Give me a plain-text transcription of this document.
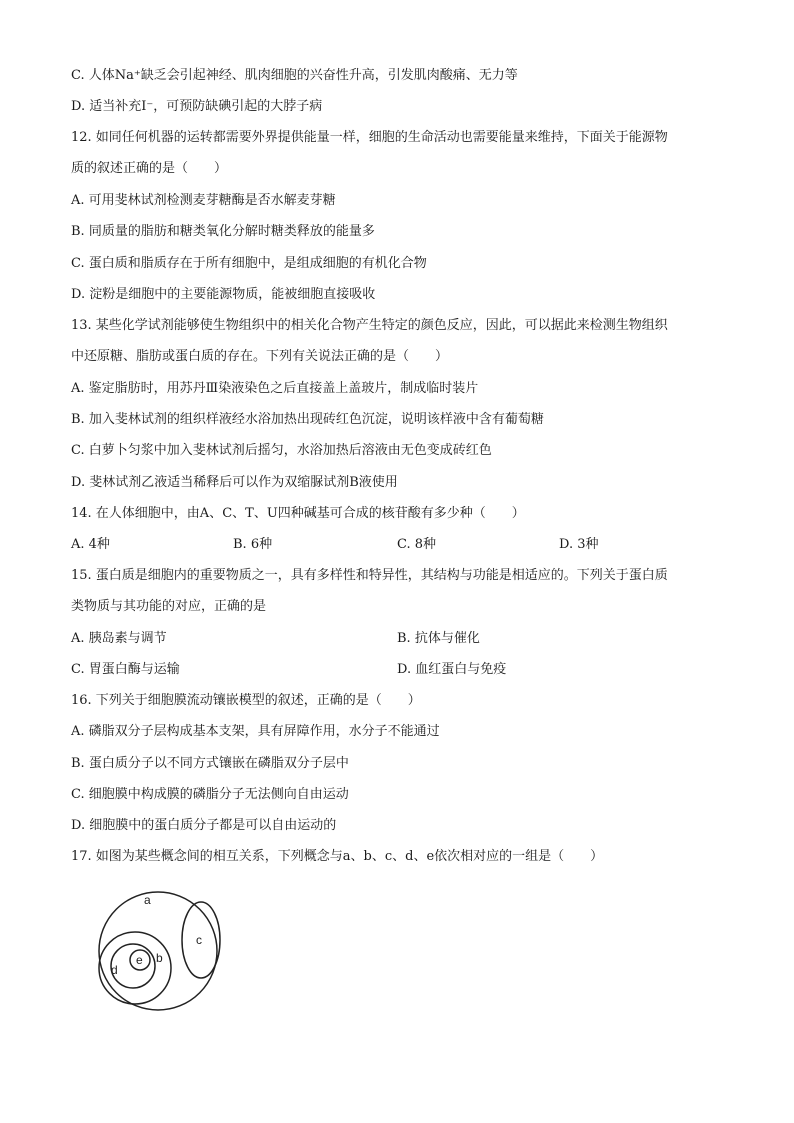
C. 人体Na⁺缺乏会引起神经、肌肉细胞的兴奋性升高，引发肌肉酸痛、无力等
D. 适当补充I⁻，可预防缺碘引起的大脖子病
12. 如同任何机器的运转都需要外界提供能量一样，细胞的生命活动也需要能量来维持，下面关于能源物
质的叙述正确的是（　　）
A. 可用斐林试剂检测麦芽糖酶是否水解麦芽糖
B. 同质量的脂肪和糖类氧化分解时糖类释放的能量多
C. 蛋白质和脂质存在于所有细胞中，是组成细胞的有机化合物
D. 淀粉是细胞中的主要能源物质，能被细胞直接吸收
13. 某些化学试剂能够使生物组织中的相关化合物产生特定的颜色反应，因此，可以据此来检测生物组织
中还原糖、脂肪或蛋白质的存在。下列有关说法正确的是（　　）
A. 鉴定脂肪时，用苏丹Ⅲ染液染色之后直接盖上盖玻片，制成临时装片
B. 加入斐林试剂的组织样液经水浴加热出现砖红色沉淀，说明该样液中含有葡萄糖
C. 白萝卜匀浆中加入斐林试剂后摇匀，水浴加热后溶液由无色变成砖红色
D. 斐林试剂乙液适当稀释后可以作为双缩脲试剂B液使用
14. 在人体细胞中，由A、C、T、U四种碱基可合成的核苷酸有多少种（　　）
A. 4种	B. 6种	C. 8种	D. 3种
15. 蛋白质是细胞内的重要物质之一，具有多样性和特异性，其结构与功能是相适应的。下列关于蛋白质
类物质与其功能的对应，正确的是
A. 胰岛素与调节	B. 抗体与催化
C. 胃蛋白酶与运输	D. 血红蛋白与免疫
16. 下列关于细胞膜流动镶嵌模型的叙述，正确的是（　　）
A. 磷脂双分子层构成基本支架，具有屏障作用，水分子不能通过
B. 蛋白质分子以不同方式镶嵌在磷脂双分子层中
C. 细胞膜中构成膜的磷脂分子无法侧向自由运动
D. 细胞膜中的蛋白质分子都是可以自由运动的
17. 如图为某些概念间的相互关系，下列概念与a、b、c、d、e依次相对应的一组是（　　）
a
b
c
d
e
